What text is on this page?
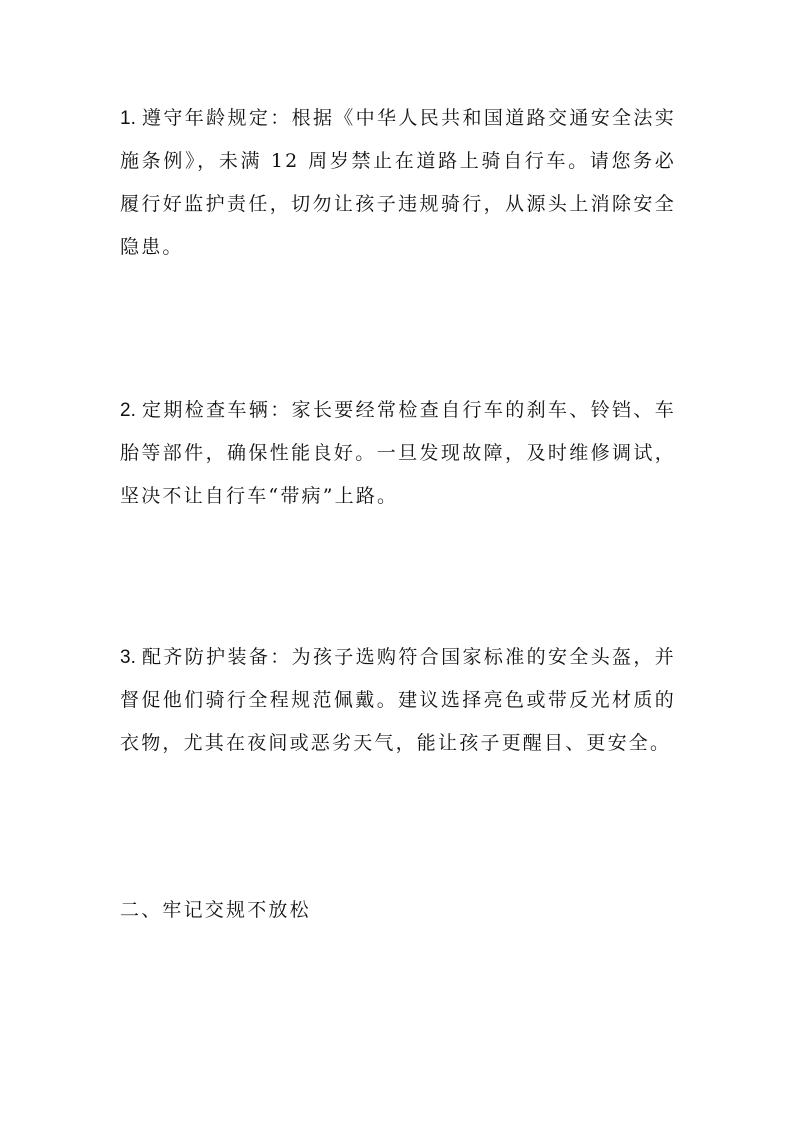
1. 遵守年龄规定：根据《中华人民共和国道路交通安全法实施条例》，未满 12 周岁禁止在道路上骑自行车。请您务必履行好监护责任，切勿让孩子违规骑行，从源头上消除安全隐患。

2. 定期检查车辆：家长要经常检查自行车的刹车、铃铛、车胎等部件，确保性能良好。一旦发现故障，及时维修调试，坚决不让自行车“带病”上路。

3. 配齐防护装备：为孩子选购符合国家标准的安全头盔，并督促他们骑行全程规范佩戴。建议选择亮色或带反光材质的衣物，尤其在夜间或恶劣天气，能让孩子更醒目、更安全。

二、牢记交规不放松
